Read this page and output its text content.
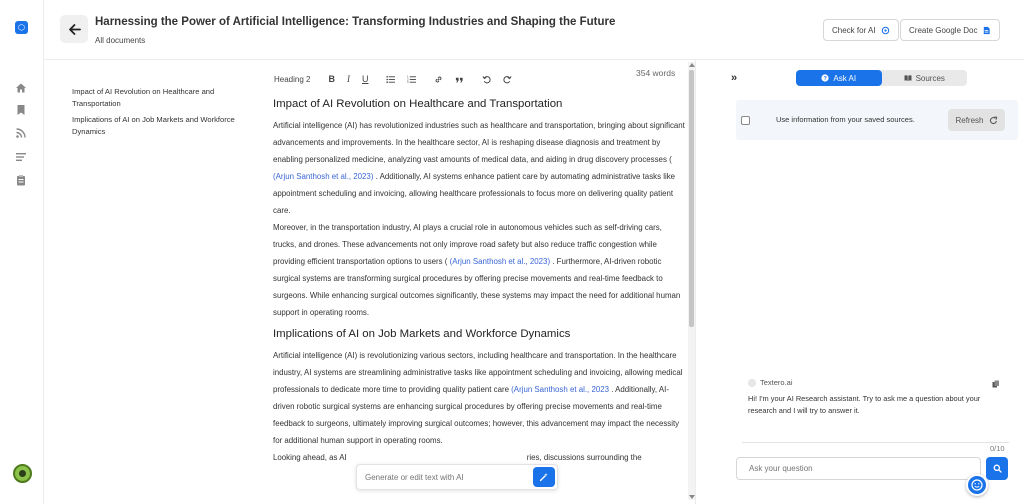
⬡	Harnessing the Power of Artificial Intelligence: Transforming Industries and Shaping the Future
All documents
Check for AI	Create Google Doc
Impact of AI Revolution on Healthcare and Transportation
Implications of AI on Job Markets and Workforce Dynamics
Heading 2 B I U	1
2
3
354 words
Impact of AI Revolution on Healthcare and Transportation

Artificial intelligence (AI) has revolutionized industries such as healthcare and transportation, bringing about significant advancements and improvements. In the healthcare sector, AI is reshaping disease diagnosis and treatment by enabling personalized medicine, analyzing vast amounts of medical data, and aiding in drug discovery processes ( (Arjun Santhosh et al., 2023) . Additionally, AI systems enhance patient care by automating administrative tasks like appointment scheduling and invoicing, allowing healthcare professionals to focus more on delivering quality patient care.

Moreover, in the transportation industry, AI plays a crucial role in autonomous vehicles such as self-driving cars, trucks, and drones. These advancements not only improve road safety but also reduce traffic congestion while providing efficient transportation options to users ( (Arjun Santhosh et al., 2023) . Furthermore, AI-driven robotic surgical systems are transforming surgical procedures by offering precise movements and real-time feedback to surgeons. While enhancing surgical outcomes significantly, these systems may impact the need for additional human support in operating rooms.

Implications of AI on Job Markets and Workforce Dynamics

Artificial intelligence (AI) is revolutionizing various sectors, including healthcare and transportation. In the healthcare industry, AI systems are streamlining administrative tasks like appointment scheduling and invoicing, allowing medical professionals to dedicate more time to providing quality patient care (Arjun Santhosh et al., 2023 . Additionally, AI-driven robotic surgical systems are enhancing surgical procedures by offering precise movements and real-time feedback to surgeons, ultimately improving surgical outcomes; however, this advancement may impact the necessity for additional human support in operating rooms.

Looking ahead, as AI	ries, discussions surrounding the

Generate or edit text with AI
»	? Ask AI	Sources
Use information from your saved sources.	Refresh
Textero.ai
Hi! I'm your AI Research assistant. Try to ask me a question about your research and I will try to answer it.
0/10
Ask your question
